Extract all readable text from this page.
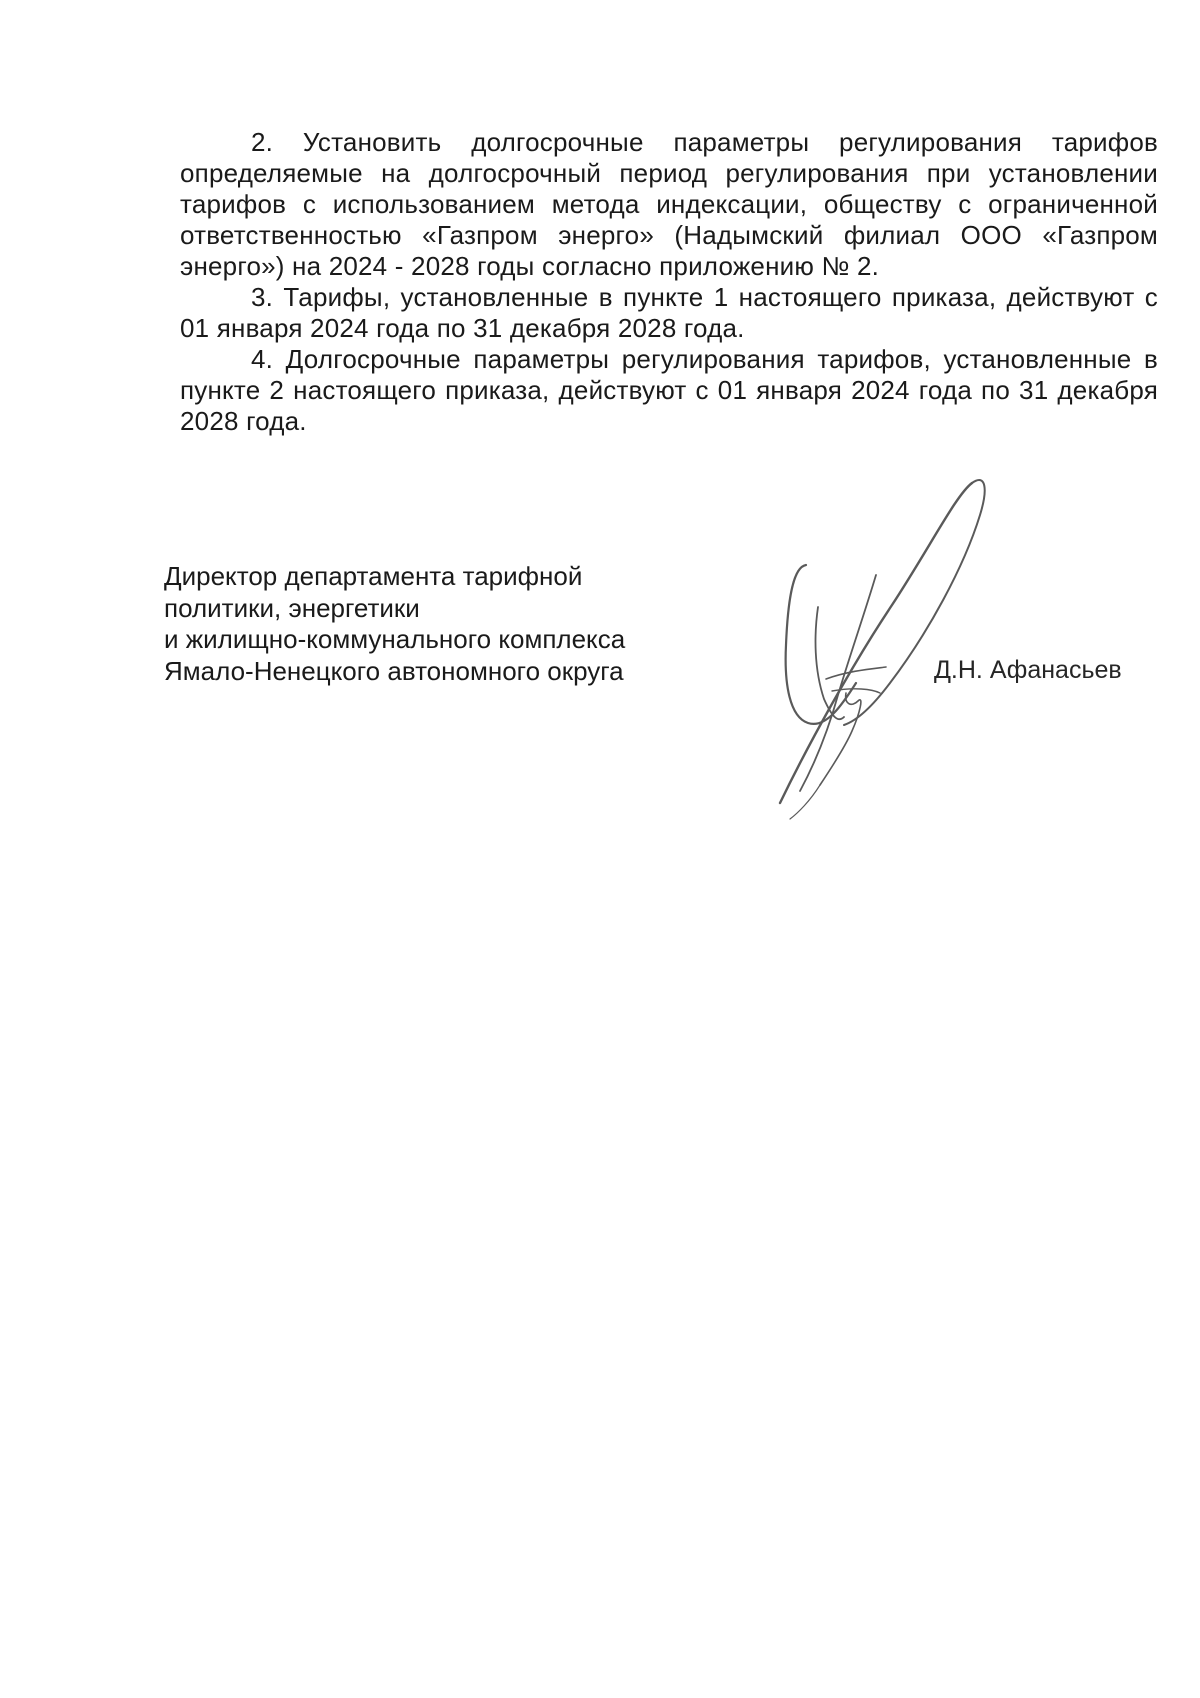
2. Установить долгосрочные параметры регулирования тарифов определяемые на долгосрочный период регулирования при установлении тарифов с использованием метода индексации, обществу с ограниченной ответственностью «Газпром энерго» (Надымский филиал ООО «Газпром энерго») на 2024 - 2028 годы согласно приложению № 2.

3. Тарифы, установленные в пункте 1 настоящего приказа, действуют с 01 января 2024 года по 31 декабря 2028 года.

4. Долгосрочные параметры регулирования тарифов, установленные в пункте 2 настоящего приказа, действуют с 01 января 2024 года по 31 декабря 2028 года.

Директор департамента тарифной
политики, энергетики
и жилищно-коммунального комплекса
Ямало-Ненецкого автономного округа	Д.Н. Афанасьев
